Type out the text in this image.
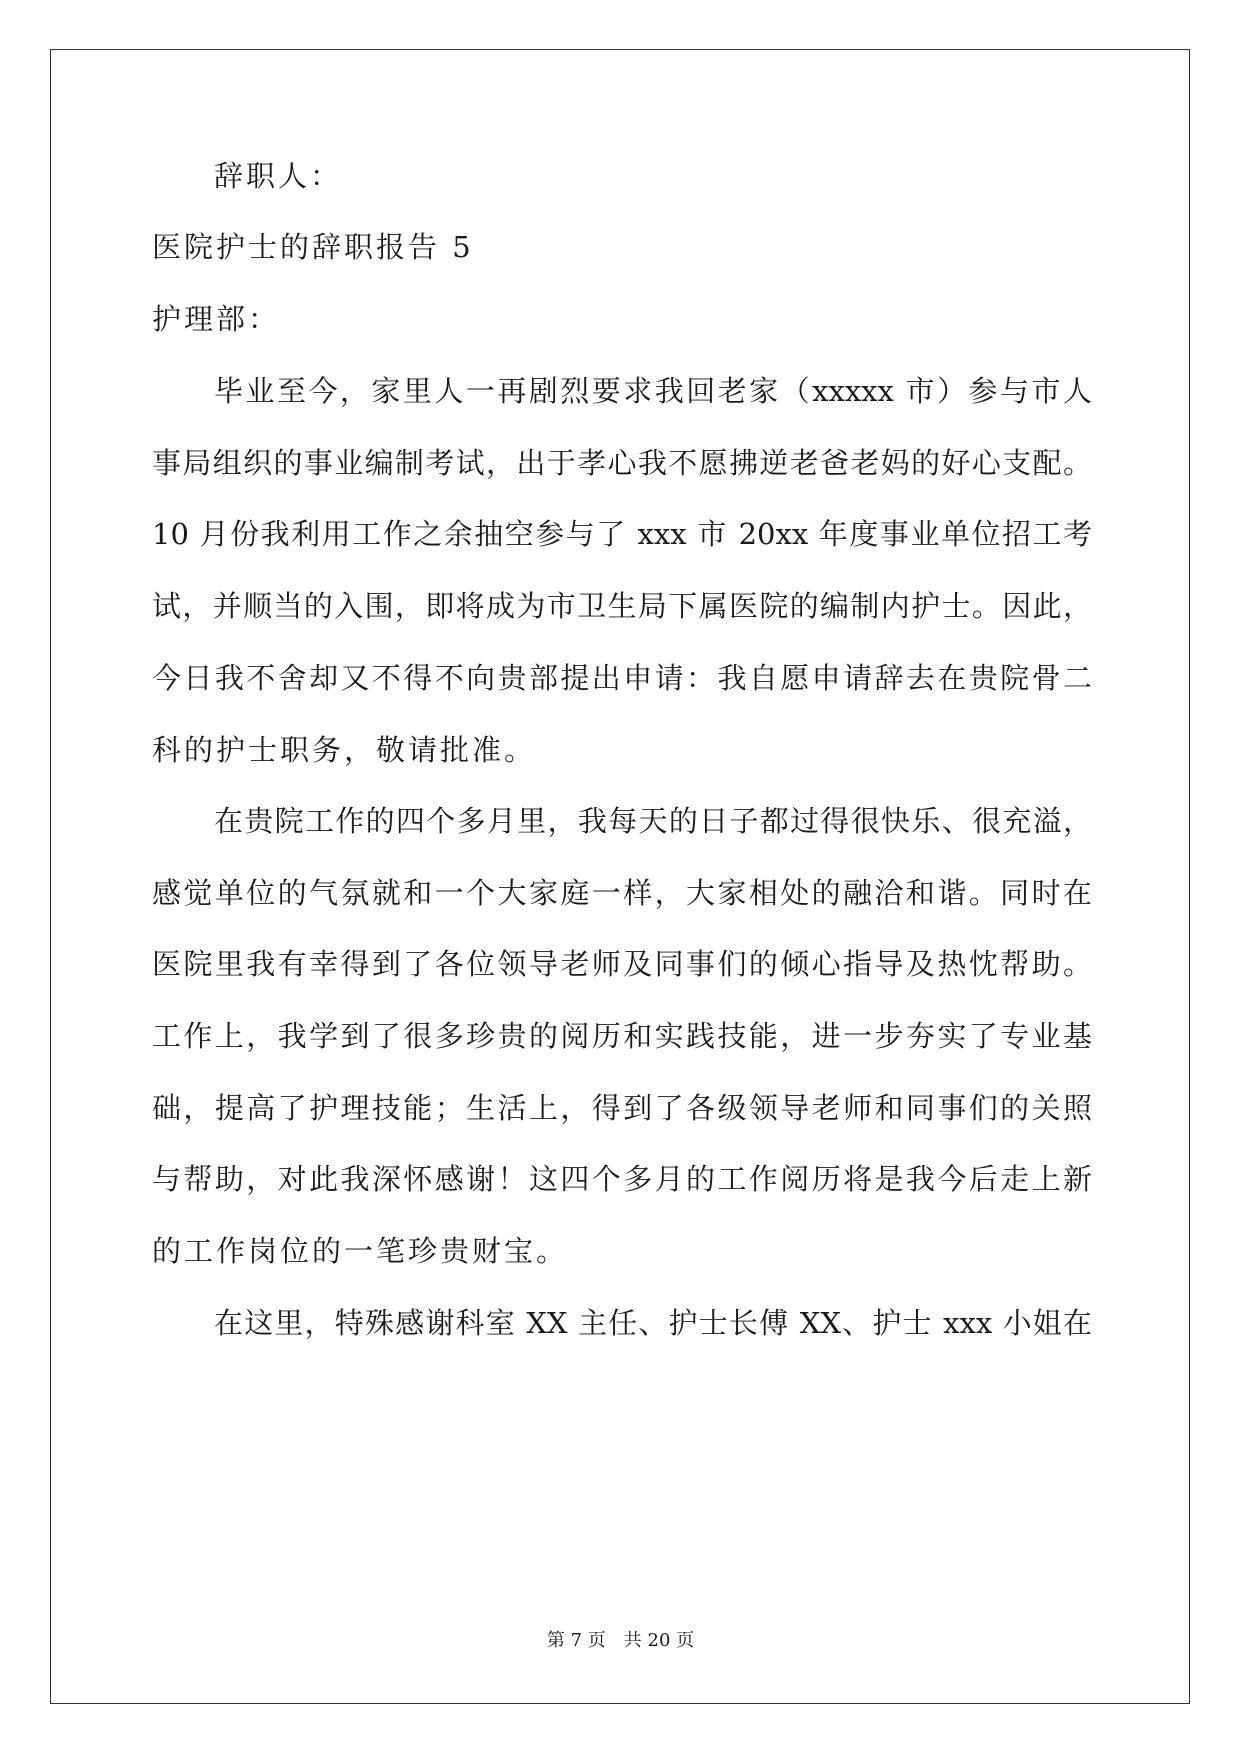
辞职人：

医院护士的辞职报告 5

护理部：

毕业至今，家里人一再剧烈要求我回老家（xxxxx 市）参与市人

事局组织的事业编制考试，出于孝心我不愿拂逆老爸老妈的好心支配。

10 月份我利用工作之余抽空参与了 xxx 市 20xx 年度事业单位招工考

试，并顺当的入围，即将成为市卫生局下属医院的编制内护士。因此，

今日我不舍却又不得不向贵部提出申请：我自愿申请辞去在贵院骨二

科的护士职务，敬请批准。

在贵院工作的四个多月里，我每天的日子都过得很快乐、很充溢，

感觉单位的气氛就和一个大家庭一样，大家相处的融洽和谐。同时在

医院里我有幸得到了各位领导老师及同事们的倾心指导及热忱帮助。

工作上，我学到了很多珍贵的阅历和实践技能，进一步夯实了专业基

础，提高了护理技能；生活上，得到了各级领导老师和同事们的关照

与帮助，对此我深怀感谢！这四个多月的工作阅历将是我今后走上新

的工作岗位的一笔珍贵财宝。

在这里，特殊感谢科室 XX 主任、护士长傅 XX、护士 xxx 小姐在

第 7 页 共 20 页
